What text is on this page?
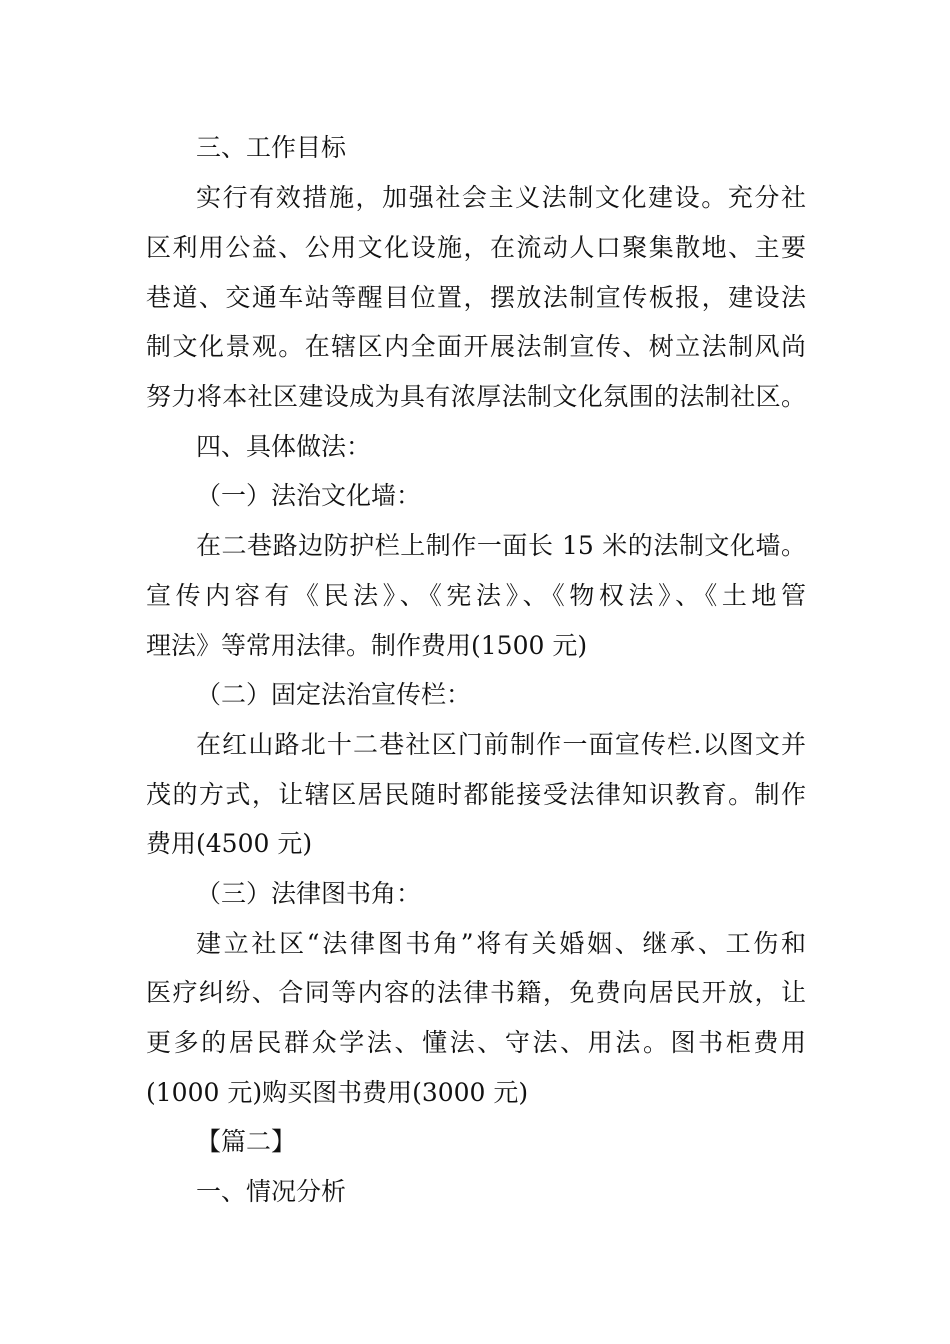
三、工作目标
实行有效措施，加强社会主义法制文化建设。充分社
区利用公益、公用文化设施，在流动人口聚集散地、主要
巷道、交通车站等醒目位置，摆放法制宣传板报，建设法
制文化景观。在辖区内全面开展法制宣传、树立法制风尚
努力将本社区建设成为具有浓厚法制文化氛围的法制社区。
四、具体做法：
（一）法治文化墙：
在二巷路边防护栏上制作一面长 15 米的法制文化墙。
宣传内容有《民法》、《宪法》、《物权法》、《土地管
理法》等常用法律。制作费用(1500 元)
（二）固定法治宣传栏：
在红山路北十二巷社区门前制作一面宣传栏.以图文并
茂的方式，让辖区居民随时都能接受法律知识教育。制作
费用(4500 元)
（三）法律图书角：
建立社区“法律图书角”将有关婚姻、继承、工伤和
医疗纠纷、合同等内容的法律书籍，免费向居民开放，让
更多的居民群众学法、懂法、守法、用法。图书柜费用
(1000 元)购买图书费用(3000 元)
【篇二】
一、情况分析
